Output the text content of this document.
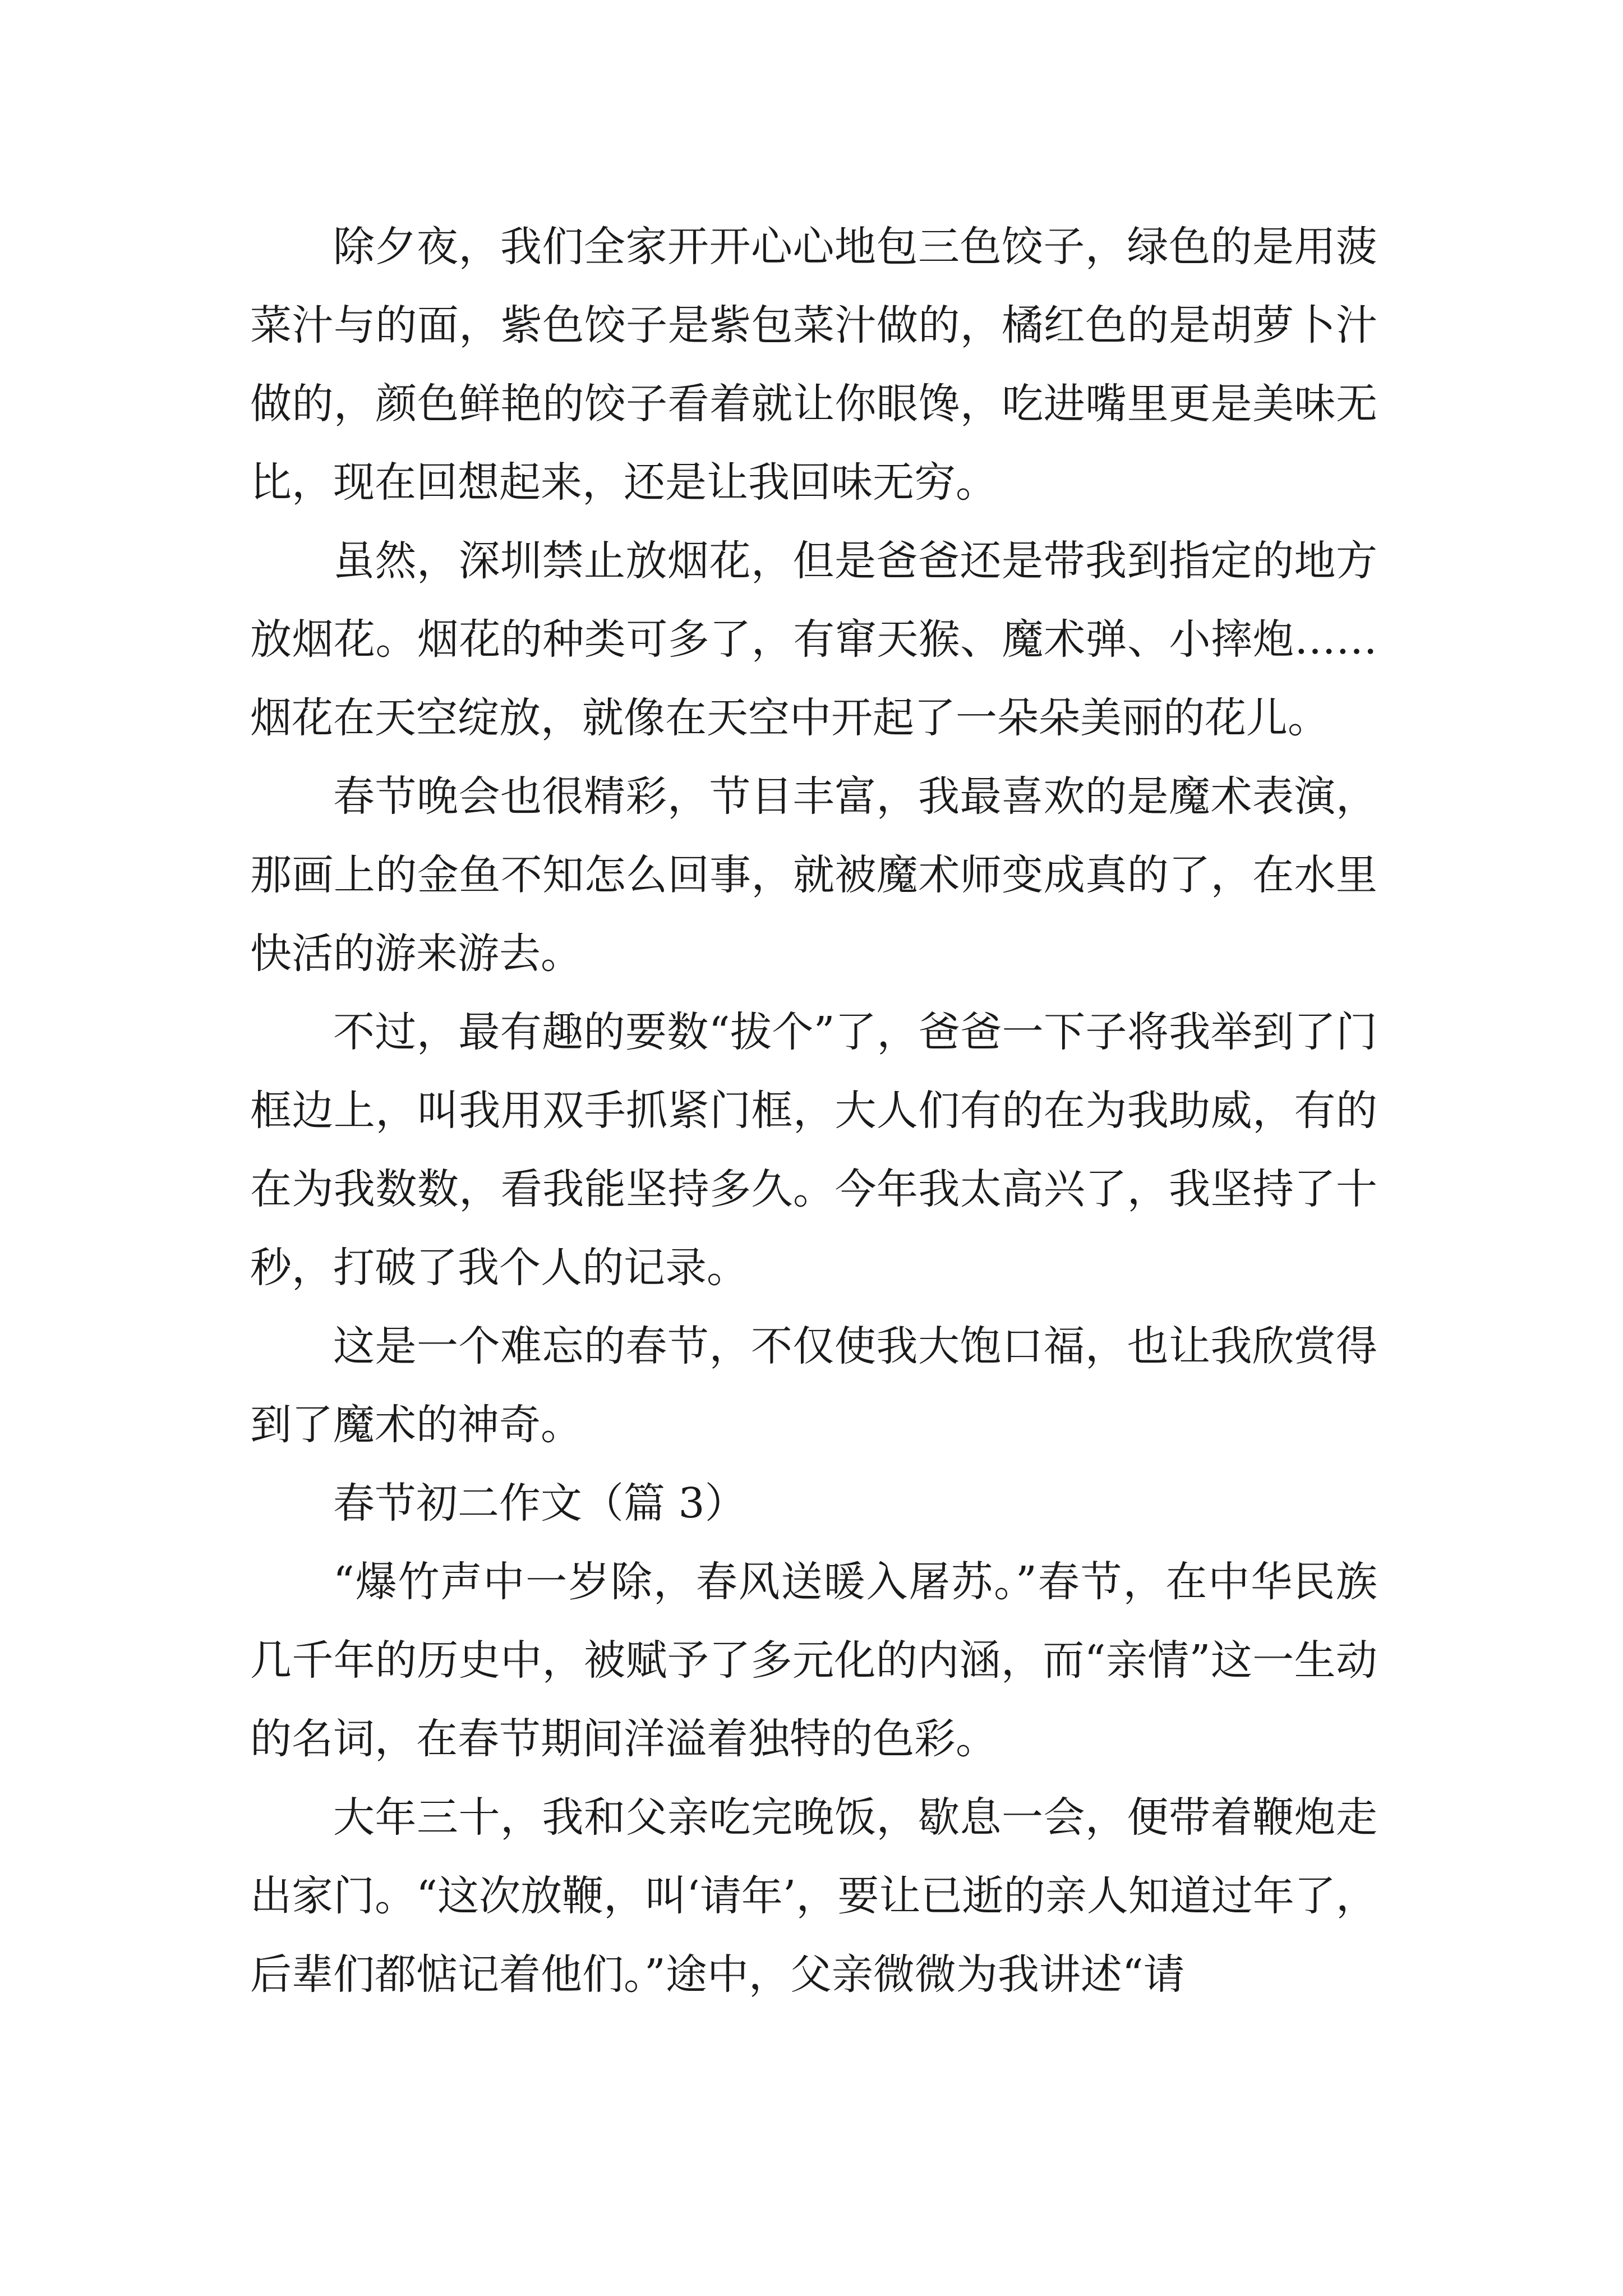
除夕夜，我们全家开开心心地包三色饺子，绿色的是用菠菜汁与的面，紫色饺子是紫包菜汁做的，橘红色的是胡萝卜汁做的，颜色鲜艳的饺子看着就让你眼馋，吃进嘴里更是美味无比，现在回想起来，还是让我回味无穷。

虽然，深圳禁止放烟花，但是爸爸还是带我到指定的地方放烟花。烟花的种类可多了，有窜天猴、魔术弹、小摔炮……烟花在天空绽放，就像在天空中开起了一朵朵美丽的花儿。

春节晚会也很精彩，节目丰富，我最喜欢的是魔术表演，那画上的金鱼不知怎么回事，就被魔术师变成真的了，在水里快活的游来游去。

不过，最有趣的要数“拔个”了，爸爸一下子将我举到了门框边上，叫我用双手抓紧门框，大人们有的在为我助威，有的在为我数数，看我能坚持多久。今年我太高兴了，我坚持了十秒，打破了我个人的记录。

这是一个难忘的春节，不仅使我大饱口福，也让我欣赏得到了魔术的神奇。

春节初二作文（篇 3）

“爆竹声中一岁除，春风送暖入屠苏。”春节，在中华民族几千年的历史中，被赋予了多元化的内涵，而“亲情”这一生动的名词，在春节期间洋溢着独特的色彩。

大年三十，我和父亲吃完晚饭，歇息一会，便带着鞭炮走出家门。“这次放鞭，叫‘请年’，要让已逝的亲人知道过年了，后辈们都惦记着他们。”途中，父亲微微为我讲述“请
